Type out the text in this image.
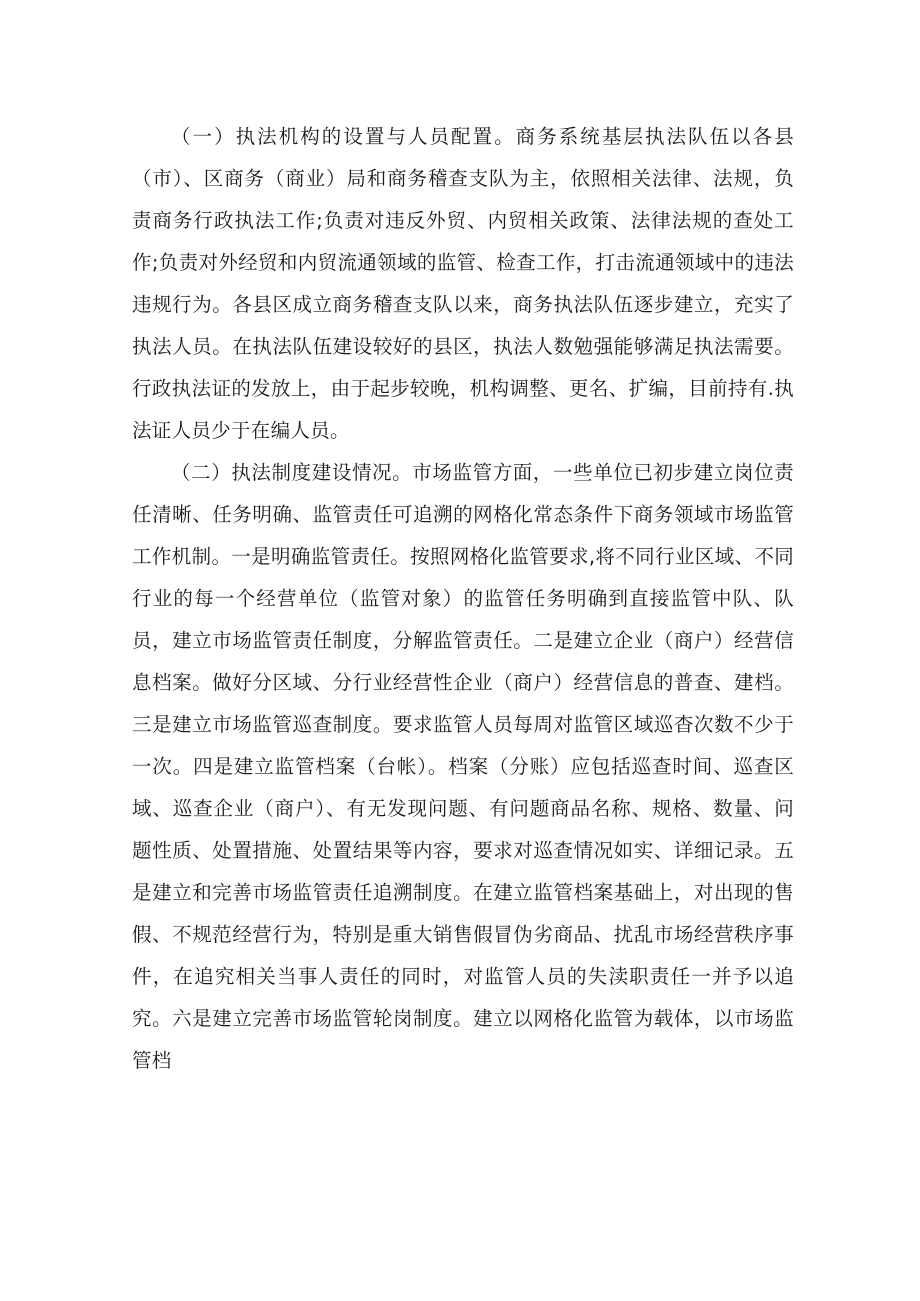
（一）执法机构的设置与人员配置。商务系统基层执法队伍以各县（市）、区商务（商业）局和商务稽查支队为主，依照相关法律、法规，负责商务行政执法工作;负责对违反外贸、内贸相关政策、法律法规的查处工作;负责对外经贸和内贸流通领域的监管、检查工作，打击流通领域中的违法违规行为。各县区成立商务稽查支队以来，商务执法队伍逐步建立，充实了执法人员。在执法队伍建设较好的县区，执法人数勉强能够满足执法需要。行政执法证的发放上，由于起步较晚，机构调整、更名、扩编，目前持有.执法证人员少于在编人员。

（二）执法制度建设情况。市场监管方面，一些单位已初步建立岗位责任清晰、任务明确、监管责任可追溯的网格化常态条件下商务领域市场监管工作机制。一是明确监管责任。按照网格化监管要求,将不同行业区域、不同行业的每一个经营单位（监管对象）的监管任务明确到直接监管中队、队员，建立市场监管责任制度，分解监管责任。二是建立企业（商户）经营信息档案。做好分区域、分行业经营性企业（商户）经营信息的普查、建档。三是建立市场监管巡查制度。要求监管人员每周对监管区域巡杳次数不少于一次。四是建立监管档案（台帐）。档案（分账）应包括巡查时间、巡查区域、巡查企业（商户）、有无发现问题、有问题商品名称、规格、数量、问题性质、处置措施、处置结果等内容，要求对巡查情况如实、详细记录。五是建立和完善市场监管责任追溯制度。在建立监管档案基础上，对出现的售假、不规范经营行为，特别是重大销售假冒伪劣商品、扰乱市场经营秩序事件，在追究相关当事人责任的同时，对监管人员的失渎职责任一并予以追究。六是建立完善市场监管轮岗制度。建立以网格化监管为载体，以市场监管档
